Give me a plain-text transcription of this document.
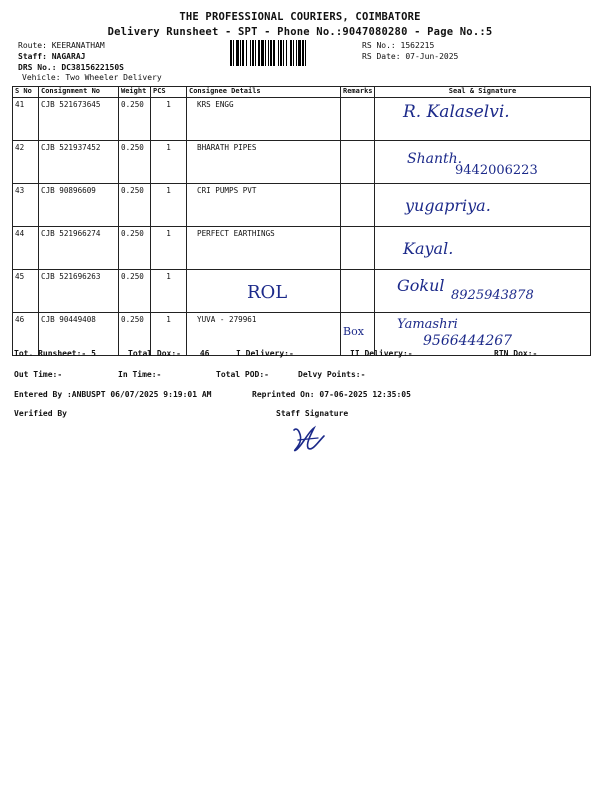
THE PROFESSIONAL COURIERS, COIMBATORE
Delivery Runsheet - SPT - Phone No.:9047080280 - Page No.:5
Route: KEERANATHAM
Staff: NAGARAJ
DRS No.: DC3815622150S
Vehicle: Two Wheeler Delivery
RS No.: 1562215
RS Date: 07-Jun-2025
S No	Consignment No	Weight	PCS	Consignee Details	Remarks	Seal & Signature
41	CJB 521673645	0.250	1	KRS ENGG		R. Kalaselvi.

42	CJB 521937452	0.250	1	BHARATH PIPES		Shanth.
9442006223

43	CJB 90896609	0.250	1	CRI PUMPS PVT		yugapriya.

44	CJB 521966274	0.250	1	PERFECT EARTHINGS		Kayal.

45	CJB 521696263	0.250	1	ROL		Gokul
8925943878

46	CJB 90449408	0.250	1	YUVA - 279961	Box	Yamashri
9566444267
Tot. Runsheet:- 5	Total Dox:- 46	I Delivery:-	II Delivery:-	RTN Dox:-
Out Time:-	In Time:-	Total POD:-	Delvy Points:-
Entered By :ANBUSPT 06/07/2025 9:19:01 AM	Reprinted On: 07-06-2025 12:35:05
Verified By	Staff Signature
